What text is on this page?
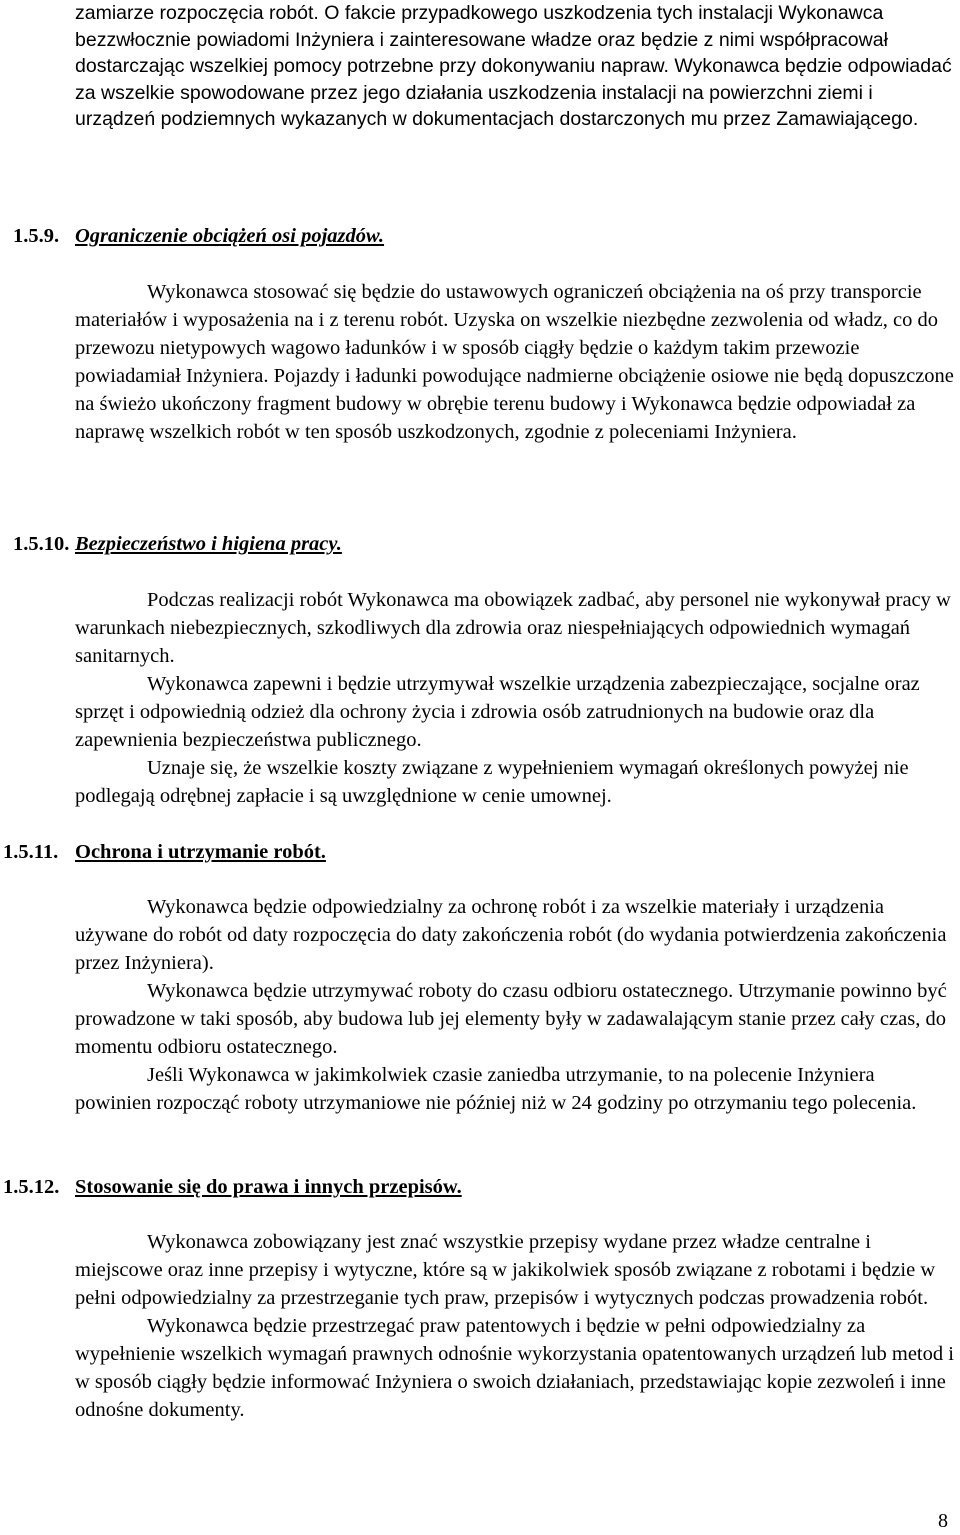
zamiarze rozpoczęcia robót. O fakcie przypadkowego uszkodzenia tych instalacji Wykonawca bezzwłocznie powiadomi Inżyniera i zainteresowane władze oraz będzie z nimi współpracował dostarczając wszelkiej pomocy potrzebne przy dokonywaniu napraw. Wykonawca będzie odpowiadać za wszelkie spowodowane przez jego działania uszkodzenia instalacji na powierzchni ziemi i urządzeń podziemnych wykazanych w dokumentacjach dostarczonych mu przez Zamawiającego.

1.5.9. Ograniczenie obciążeń osi pojazdów.

Wykonawca stosować się będzie do ustawowych ograniczeń obciążenia na oś przy transporcie materiałów i wyposażenia na i z terenu robót. Uzyska on wszelkie niezbędne zezwolenia od władz, co do przewozu nietypowych wagowo ładunków i w sposób ciągły będzie o każdym takim przewozie powiadamiał Inżyniera. Pojazdy i ładunki powodujące nadmierne obciążenie osiowe nie będą dopuszczone na świeżo ukończony fragment budowy w obrębie terenu budowy i Wykonawca będzie odpowiadał za naprawę wszelkich robót w ten sposób uszkodzonych, zgodnie z poleceniami Inżyniera.

1.5.10. Bezpieczeństwo i higiena pracy.

Podczas realizacji robót Wykonawca ma obowiązek zadbać, aby personel nie wykonywał pracy w warunkach niebezpiecznych, szkodliwych dla zdrowia oraz niespełniających odpowiednich wymagań sanitarnych.

Wykonawca zapewni i będzie utrzymywał wszelkie urządzenia zabezpieczające, socjalne oraz sprzęt i odpowiednią odzież dla ochrony życia i zdrowia osób zatrudnionych na budowie oraz dla zapewnienia bezpieczeństwa publicznego.

Uznaje się, że wszelkie koszty związane z wypełnieniem wymagań określonych powyżej nie podlegają odrębnej zapłacie i są uwzględnione w cenie umownej.

1.5.11. Ochrona i utrzymanie robót.

Wykonawca będzie odpowiedzialny za ochronę robót i za wszelkie materiały i urządzenia używane do robót od daty rozpoczęcia do daty zakończenia robót (do wydania potwierdzenia zakończenia przez Inżyniera).

Wykonawca będzie utrzymywać roboty do czasu odbioru ostatecznego. Utrzymanie powinno być prowadzone w taki sposób, aby budowa lub jej elementy były w zadawalającym stanie przez cały czas, do momentu odbioru ostatecznego.

Jeśli Wykonawca w jakimkolwiek czasie zaniedba utrzymanie, to na polecenie Inżyniera powinien rozpocząć roboty utrzymaniowe nie później niż w 24 godziny po otrzymaniu tego polecenia.

1.5.12. Stosowanie się do prawa i innych przepisów.

Wykonawca zobowiązany jest znać wszystkie przepisy wydane przez władze centralne i miejscowe oraz inne przepisy i wytyczne, które są w jakikolwiek sposób związane z robotami i będzie w pełni odpowiedzialny za przestrzeganie tych praw, przepisów i wytycznych podczas prowadzenia robót.

Wykonawca będzie przestrzegać praw patentowych i będzie w pełni odpowiedzialny za wypełnienie wszelkich wymagań prawnych odnośnie wykorzystania opatentowanych urządzeń lub metod i w sposób ciągły będzie informować Inżyniera o swoich działaniach, przedstawiając kopie zezwoleń i inne odnośne dokumenty.

8
